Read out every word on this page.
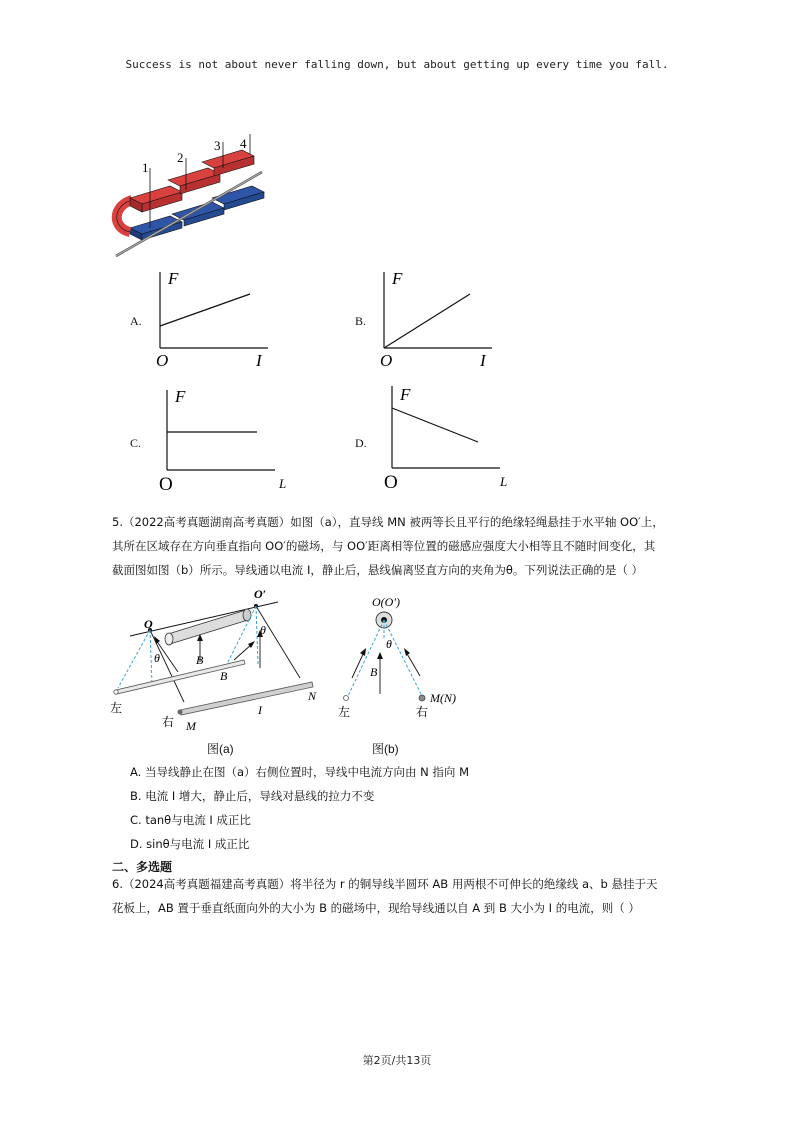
Success is not about never falling down, but about getting up every time you fall.
1
2
3 4
A.
F
O	I
B.
F
O	I
C.
F
O	L
D.
F
O	L
5.（2022高考真题湖南高考真题）如图（a），直导线 MN 被两等长且平行的绝缘轻绳悬挂于水平轴 OO′上，
其所在区域存在方向垂直指向 OO′的磁场，与 OO′距离相等位置的磁感应强度大小相等且不随时间变化，其
截面图如图（b）所示。导线通以电流 I，静止后，悬线偏离竖直方向的夹角为θ。下列说法正确的是（ ）
O
O′
θ
θ
B
B
I
N
M
左
右
图(a)
O(O′)
θ
B
M(N)
左	右
图(b)
A. 当导线静止在图（a）右侧位置时，导线中电流方向由 N 指向 M
B. 电流 I 增大，静止后，导线对悬线的拉力不变
C. tanθ与电流 I 成正比
D. sinθ与电流 I 成正比
二、多选题
6.（2024高考真题福建高考真题）将半径为 r 的铜导线半圆环 AB 用两根不可伸长的绝缘线 a、b 悬挂于天
花板上，AB 置于垂直纸面向外的大小为 B 的磁场中，现给导线通以自 A 到 B 大小为 I 的电流，则（ ）
第2页/共13页
